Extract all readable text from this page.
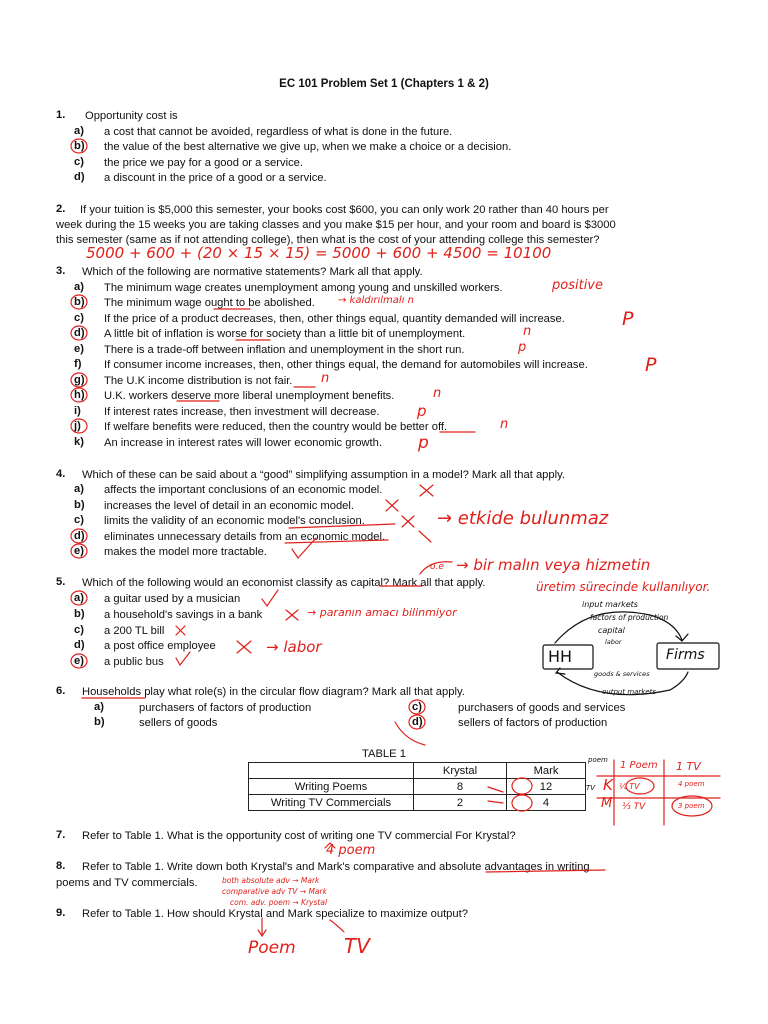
EC 101 Problem Set 1 (Chapters 1 & 2)
1. Opportunity cost is
a) a cost that cannot be avoided, regardless of what is done in the future.
b) the value of the best alternative we give up, when we make a choice or a decision.
c) the price we pay for a good or a service.
d) a discount in the price of a good or a service.
2. If your tuition is $5,000 this semester, your books cost $600, you can only work 20 rather than 40 hours per
week during the 15 weeks you are taking classes and you make $15 per hour, and your room and board is $3000
this semester (same as if not attending college), then what is the cost of your attending college this semester?
5000 + 600 + (20 × 15 × 15) = 5000 + 600 + 4500 = 10100
3. Which of the following are normative statements? Mark all that apply.
a) The minimum wage creates unemployment among young and unskilled workers.	positive
b) The minimum wage ought to be abolished. → kaldırılmalı n
c) If the price of a product decreases, then, other things equal, quantity demanded will increase.	P
d) A little bit of inflation is worse for society than a little bit of unemployment.	n
e) There is a trade-off between inflation and unemployment in the short run.	p
f) If consumer income increases, then, other things equal, the demand for automobiles will increase.	P
g) The U.K income distribution is not fair. n
h) U.K. workers deserve more liberal unemployment benefits.	n
i) If interest rates increase, then investment will decrease.	p
j) If welfare benefits were reduced, then the country would be better off.	n
k) An increase in interest rates will lower economic growth. p
4. Which of these can be said about a “good” simplifying assumption in a model? Mark all that apply.
a) affects the important conclusions of an economic model.
b) increases the level of detail in an economic model.
c) limits the validity of an economic model's conclusion.
d) eliminates unnecessary details from an economic model.
e) makes the model more tractable.
→ etkide bulunmaz
5. Which of the following would an economist classify as capital? Mark all that apply.
a) a guitar used by a musician
b) a household's savings in a bank	→ paranın amacı bilinmiyor
c) a 200 TL bill
d) a post office employee	→ labor
e) a public bus
o.e → bir malın veya hizmetin
üretim sürecinde kullanılıyor.
input markets
factors of production
capital
labor
HH	Firms
goods & services
output markets
6. Households play what role(s) in the circular flow diagram? Mark all that apply.
a)	purchasers of factors of production
b)	sellers of goods
c)	purchasers of goods and services
d)	sellers of factors of production
TABLE 1
	Krystal	Mark
Writing Poems	8	12
Writing TV Commercials	2	4
poem 1 Poem 1 TV
TV K
M
¼ TV	4 poem
⅓ TV	3 poem
7. Refer to Table 1. What is the opportunity cost of writing one TV commercial For Krystal?
4 poem
8. Refer to Table 1. Write down both Krystal's and Mark's comparative and absolute advantages in writing
poems and TV commercials.	both absolute adv → Mark
comparative adv TV → Mark
com. adv. poem → Krystal
9. Refer to Table 1. How should Krystal and Mark specialize to maximize output?
Poem TV
